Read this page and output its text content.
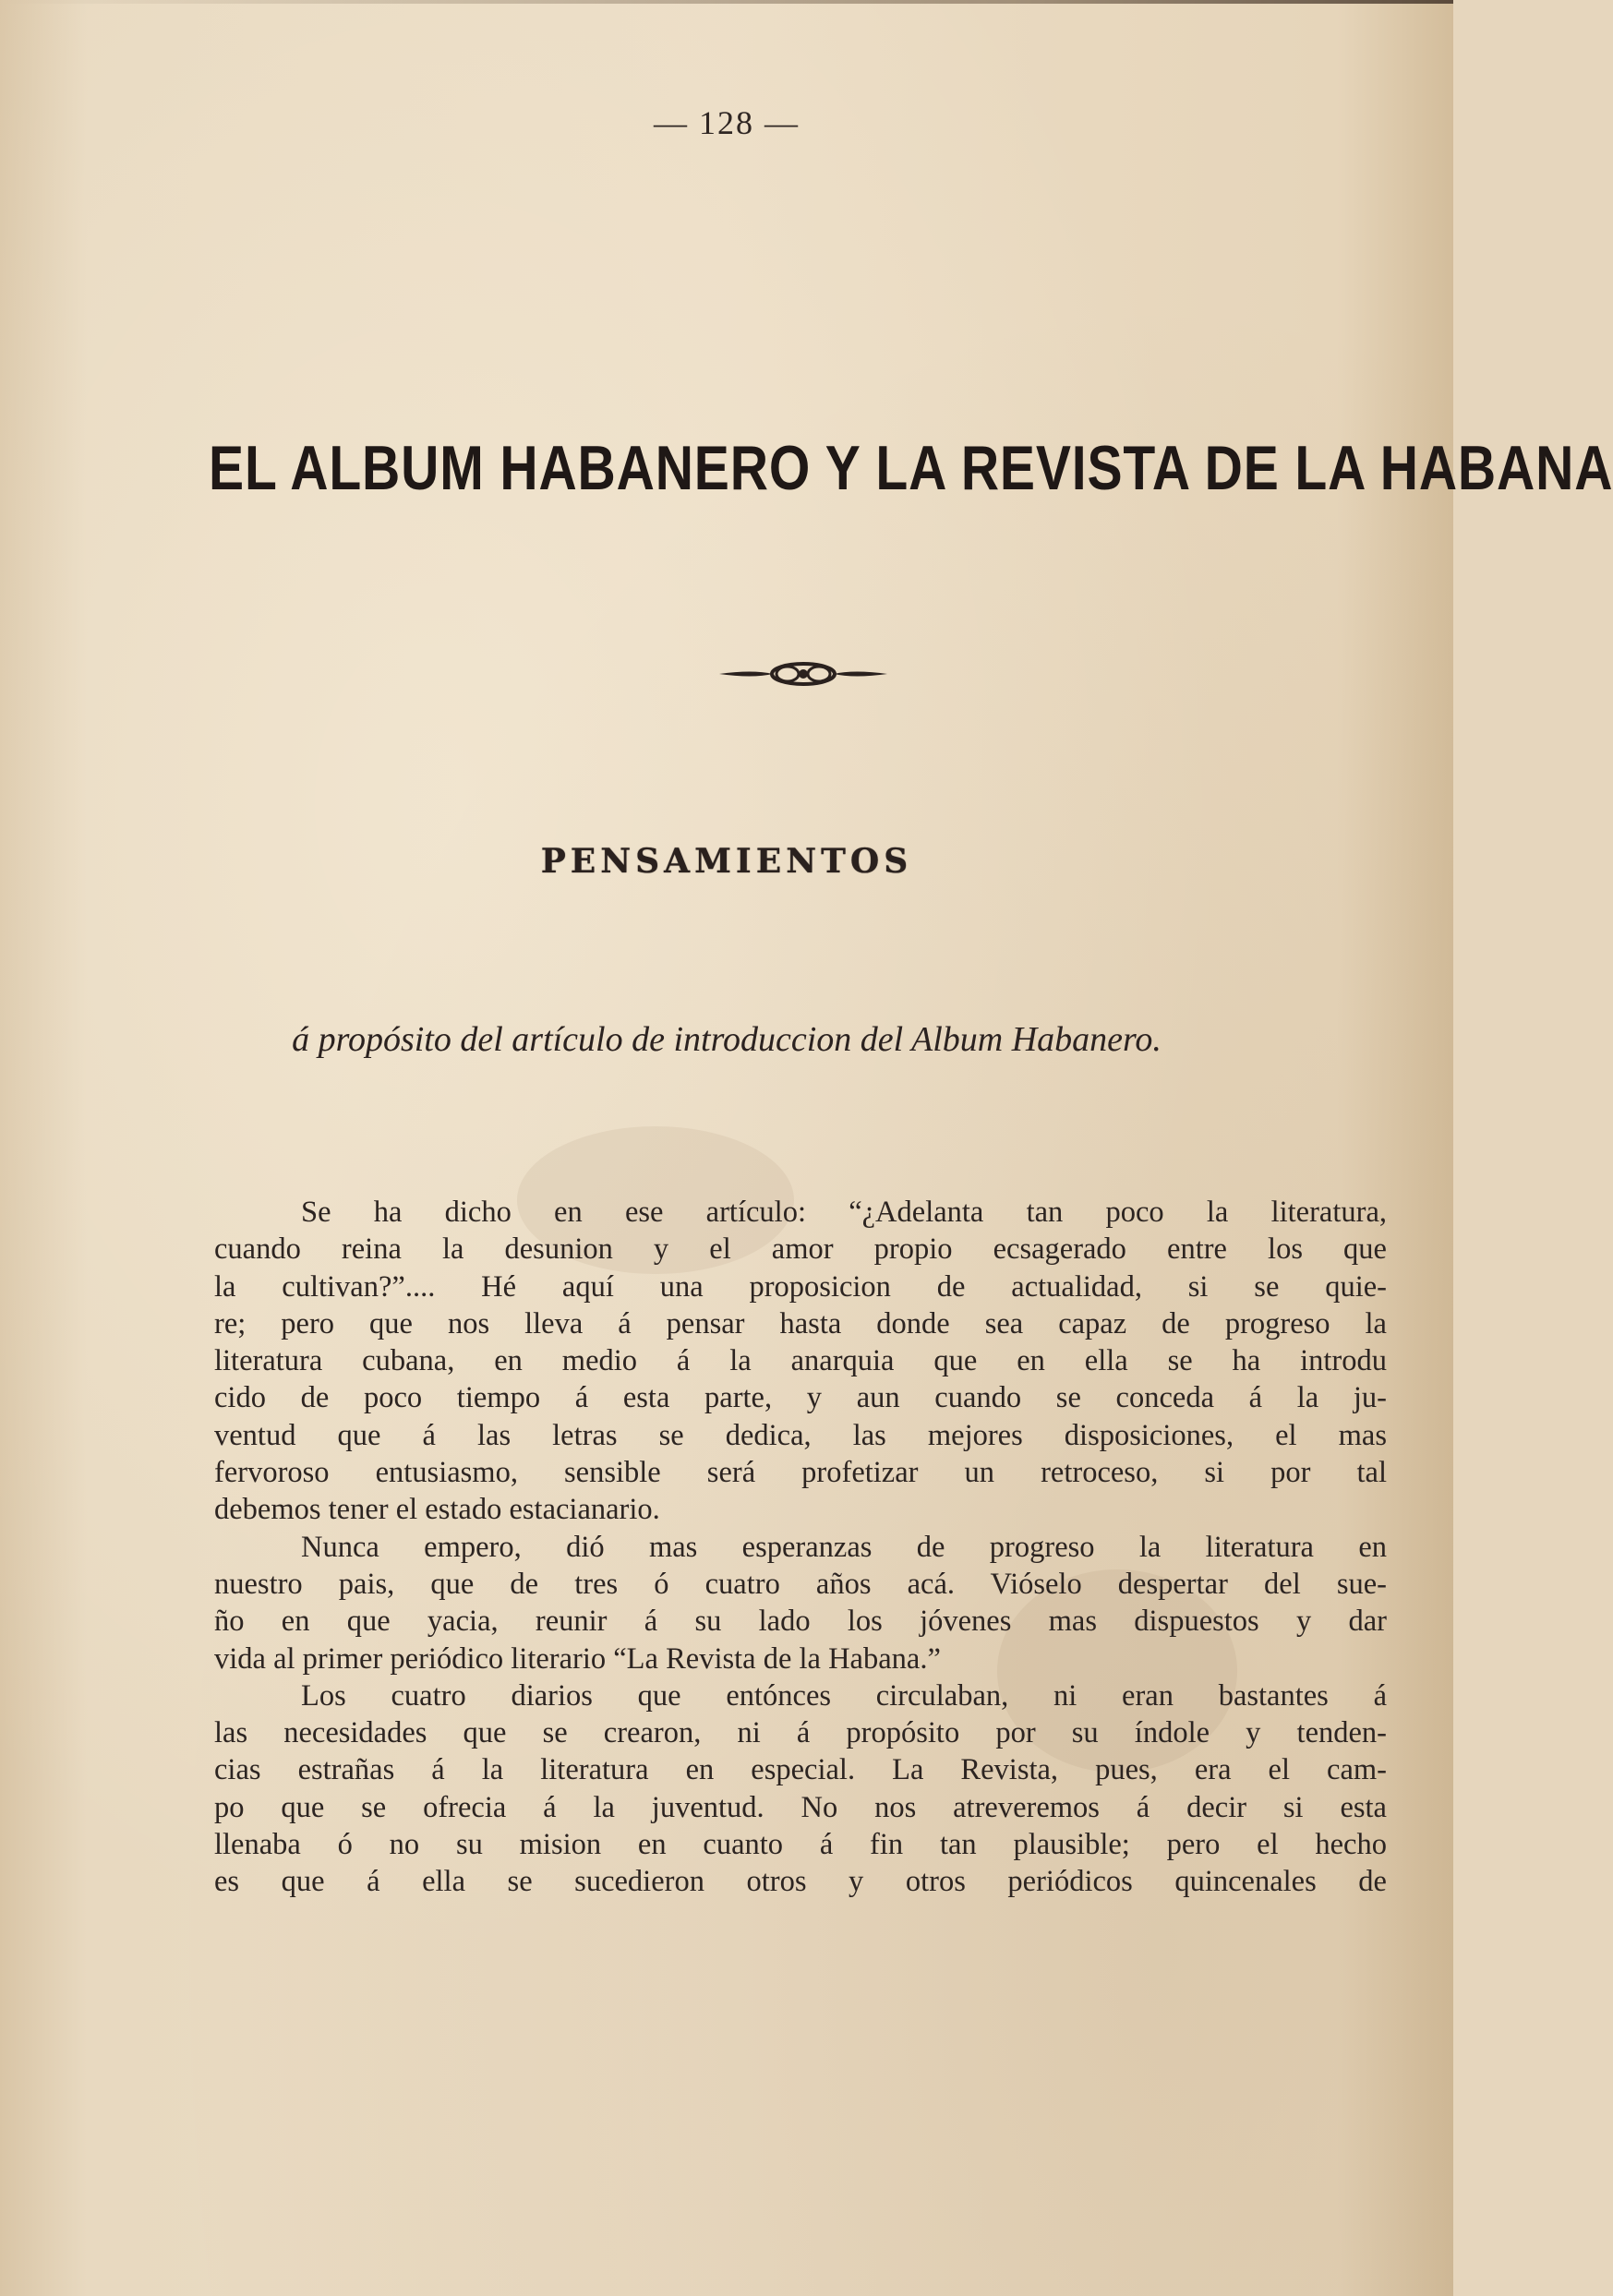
— 128 —
EL ALBUM HABANERO Y LA REVISTA DE LA HABANA
PENSAMIENTOS
á propósito del artículo de introduccion del Album Habanero.
Se ha dicho en ese artículo: “¿Adelanta tan poco la literatura,
cuando reina la desunion y el amor propio ecsagerado entre los que
la cultivan?”.... Hé aquí una proposicion de actualidad, si se quie-
re; pero que nos lleva á pensar hasta donde sea capaz de progreso la
literatura cubana, en medio á la anarquia que en ella se ha introdu
cido de poco tiempo á esta parte, y aun cuando se conceda á la ju-
ventud que á las letras se dedica, las mejores disposiciones, el mas
fervoroso entusiasmo, sensible será profetizar un retroceso, si por tal
debemos tener el estado estacianario.
Nunca empero, dió mas esperanzas de progreso la literatura en
nuestro pais, que de tres ó cuatro años acá. Vióselo despertar del sue-
ño en que yacia, reunir á su lado los jóvenes mas dispuestos y dar
vida al primer periódico literario “La Revista de la Habana.”
Los cuatro diarios que entónces circulaban, ni eran bastantes á
las necesidades que se crearon, ni á propósito por su índole y tenden-
cias estrañas á la literatura en especial. La Revista, pues, era el cam-
po que se ofrecia á la juventud. No nos atreveremos á decir si esta
llenaba ó no su mision en cuanto á fin tan plausible; pero el hecho
es que á ella se sucedieron otros y otros periódicos quincenales de
